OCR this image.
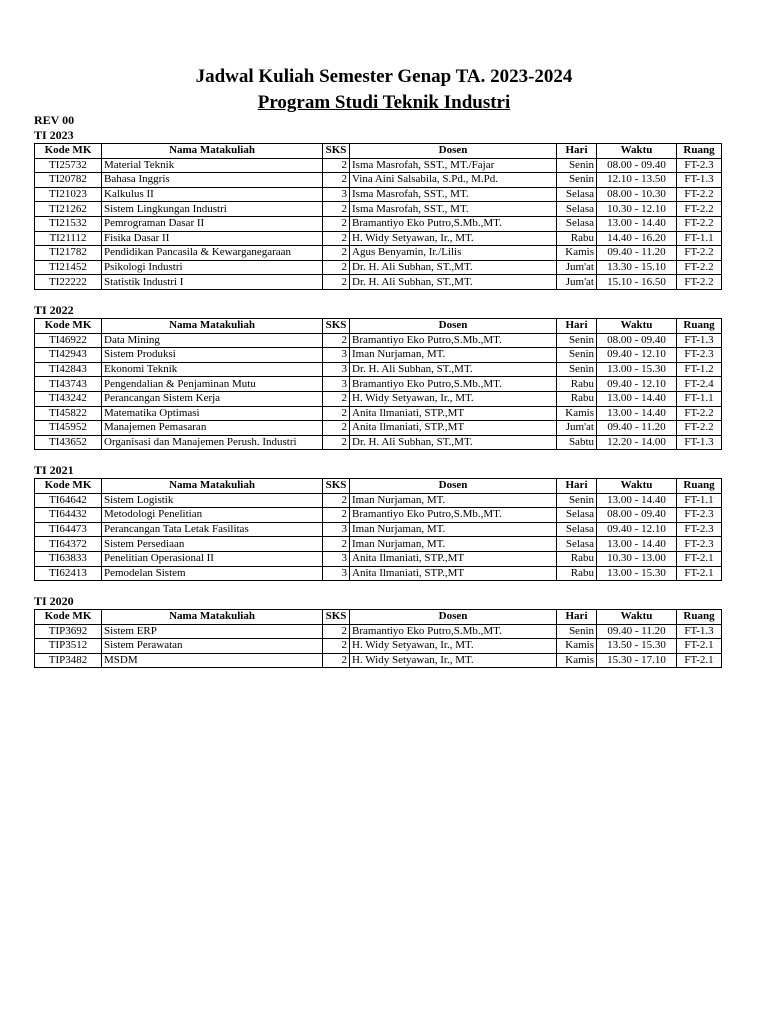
Jadwal Kuliah Semester Genap TA. 2023-2024
Program Studi Teknik Industri
REV 00
TI 2023
Kode MK	Nama Matakuliah	SKS	Dosen	Hari	Waktu	Ruang
TI25732	Material Teknik	2	Isma Masrofah, SST., MT./Fajar	Senin	08.00 - 09.40	FT-2.3
TI20782	Bahasa Inggris	2	Vina Aini Salsabila, S.Pd., M.Pd.	Senin	12.10 - 13.50	FT-1.3
TI21023	Kalkulus II	3	Isma Masrofah, SST., MT.	Selasa	08.00 - 10.30	FT-2.2
TI21262	Sistem Lingkungan Industri	2	Isma Masrofah, SST., MT.	Selasa	10.30 - 12.10	FT-2.2
TI21532	Pemrograman Dasar II	2	Bramantiyo Eko Putro,S.Mb.,MT.	Selasa	13.00 - 14.40	FT-2.2
TI21112	Fisika Dasar II	2	H. Widy Setyawan, Ir., MT.	Rabu	14.40 - 16.20	FT-1.1
TI21782	Pendidikan Pancasila & Kewarganegaraan	2	Agus Benyamin, Ir./Lilis	Kamis	09.40 - 11.20	FT-2.2
TI21452	Psikologi Industri	2	Dr. H. Ali Subhan, ST.,MT.	Jum'at	13.30 - 15.10	FT-2.2
TI22222	Statistik Industri I	2	Dr. H. Ali Subhan, ST.,MT.	Jum'at	15.10 - 16.50	FT-2.2
TI 2022
Kode MK	Nama Matakuliah	SKS	Dosen	Hari	Waktu	Ruang
TI46922	Data Mining	2	Bramantiyo Eko Putro,S.Mb.,MT.	Senin	08.00 - 09.40	FT-1.3
TI42943	Sistem Produksi	3	Iman Nurjaman, MT.	Senin	09.40 - 12.10	FT-2.3
TI42843	Ekonomi Teknik	3	Dr. H. Ali Subhan, ST.,MT.	Senin	13.00 - 15.30	FT-1.2
TI43743	Pengendalian & Penjaminan Mutu	3	Bramantiyo Eko Putro,S.Mb.,MT.	Rabu	09.40 - 12.10	FT-2.4
TI43242	Perancangan Sistem Kerja	2	H. Widy Setyawan, Ir., MT.	Rabu	13.00 - 14.40	FT-1.1
TI45822	Matematika Optimasi	2	Anita Ilmaniati, STP.,MT	Kamis	13.00 - 14.40	FT-2.2
TI45952	Manajemen Pemasaran	2	Anita Ilmaniati, STP.,MT	Jum'at	09.40 - 11.20	FT-2.2
TI43652	Organisasi dan Manajemen Perush. Industri	2	Dr. H. Ali Subhan, ST.,MT.	Sabtu	12.20 - 14.00	FT-1.3
TI 2021
Kode MK	Nama Matakuliah	SKS	Dosen	Hari	Waktu	Ruang
TI64642	Sistem Logistik	2	Iman Nurjaman, MT.	Senin	13.00 - 14.40	FT-1.1
TI64432	Metodologi Penelitian	2	Bramantiyo Eko Putro,S.Mb.,MT.	Selasa	08.00 - 09.40	FT-2.3
TI64473	Perancangan Tata Letak Fasilitas	3	Iman Nurjaman, MT.	Selasa	09.40 - 12.10	FT-2.3
TI64372	Sistem Persediaan	2	Iman Nurjaman, MT.	Selasa	13.00 - 14.40	FT-2.3
TI63833	Penelitian Operasional II	3	Anita Ilmaniati, STP.,MT	Rabu	10.30 - 13.00	FT-2.1
TI62413	Pemodelan Sistem	3	Anita Ilmaniati, STP.,MT	Rabu	13.00 - 15.30	FT-2.1
TI 2020
Kode MK	Nama Matakuliah	SKS	Dosen	Hari	Waktu	Ruang
TIP3692	Sistem ERP	2	Bramantiyo Eko Putro,S.Mb.,MT.	Senin	09.40 - 11.20	FT-1.3
TIP3512	Sistem Perawatan	2	H. Widy Setyawan, Ir., MT.	Kamis	13.50 - 15.30	FT-2.1
TIP3482	MSDM	2	H. Widy Setyawan, Ir., MT.	Kamis	15.30 - 17.10	FT-2.1
